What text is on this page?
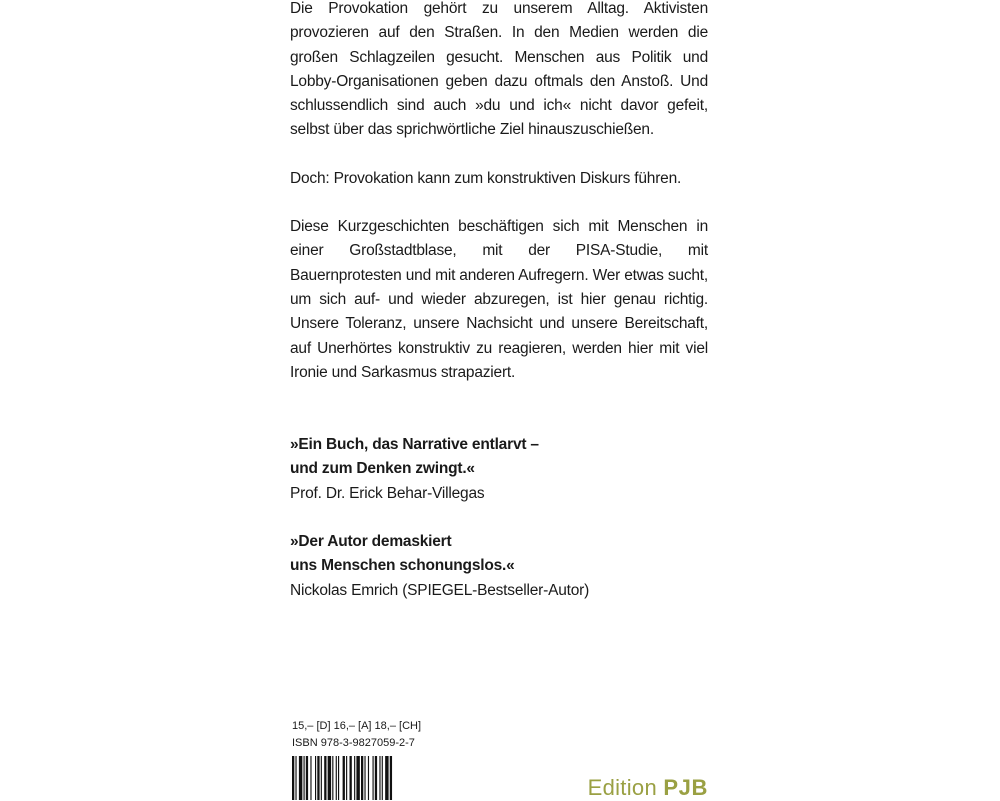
Die Provokation gehört zu unserem Alltag. Aktivisten provozieren auf den Straßen. In den Medien werden die großen Schlagzeilen gesucht. Menschen aus Politik und Lobby-Organisationen geben dazu oftmals den Anstoß. Und schlussendlich sind auch »du und ich« nicht davor gefeit, selbst über das sprichwörtliche Ziel hinauszuschießen.

Doch: Provokation kann zum konstruktiven Diskurs führen.

Diese Kurzgeschichten beschäftigen sich mit Menschen in einer Großstadtblase, mit der PISA-Studie, mit Bauernprotesten und mit anderen Aufregern. Wer etwas sucht, um sich auf- und wieder abzuregen, ist hier genau richtig. Unsere Toleranz, unsere Nachsicht und unsere Bereitschaft, auf Unerhörtes konstruktiv zu reagieren, werden hier mit viel Ironie und Sarkasmus strapaziert.

»Ein Buch, das Narrative entlarvt –
und zum Denken zwingt.«
Prof. Dr. Erick Behar-Villegas
»Der Autor demaskiert
uns Menschen schonungslos.«
Nickolas Emrich (SPIEGEL-Bestseller-Autor)
15,– [D] 16,– [A] 18,– [CH]
ISBN 978-3-9827059-2-7
Edition PJB
